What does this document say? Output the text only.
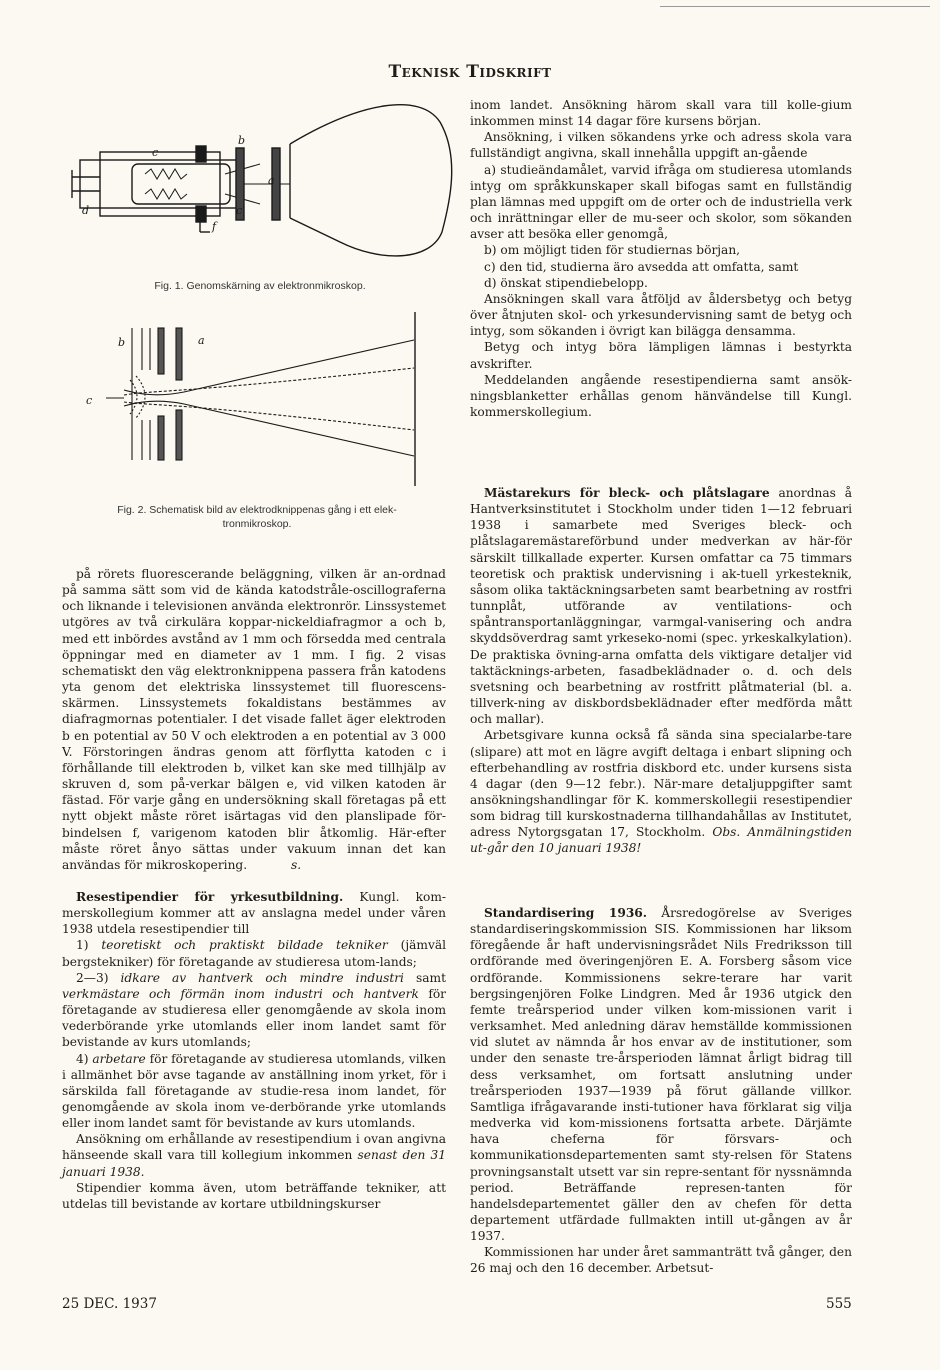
Teknisk Tidskrift
c
b
a
d	c'
f
Fig. 1. Genomskärning av elektronmikroskop.
b	a
c
Fig. 2. Schematisk bild av elektrodknippenas gång i ett elek-
tronmikroskop.

på rörets fluorescerande beläggning, vilken är an-ordnad på samma sätt som vid de kända katodstråle-oscillograferna och liknande i televisionen använda elektronrör. Linssystemet utgöres av två cirkulära koppar-nickeldiafragmor a och b, med ett inbördes avstånd av 1 mm och försedda med centrala öppningar med en diameter av 1 mm. I fig. 2 visas schematiskt den väg elektronknippena passera från katodens yta genom det elektriska linssystemet till fluorescens-skärmen. Linssystemets fokaldistans bestämmes av diafragmornas potentialer. I det visade fallet äger elektroden b en potential av 50 V och elektroden a en potential av 3 000 V. Förstoringen ändras genom att förflytta katoden c i förhållande till elektroden b, vilket kan ske med tillhjälp av skruven d, som på-verkar bälgen e, vid vilken katoden är fästad. För varje gång en undersökning skall företagas på ett nytt objekt måste röret isärtagas vid den planslipade för-bindelsen f, varigenom katoden blir åtkomlig. Här-efter måste röret ånyo sättas under vakuum innan det kan användas för mikroskopering.	s.

Resestipendier för yrkesutbildning. Kungl. kom-merskollegium kommer att av anslagna medel under våren 1938 utdela resestipendier till

1) teoretiskt och praktiskt bildade tekniker (jämväl bergstekniker) för företagande av studieresa utom-lands;

2—3) idkare av hantverk och mindre industri samt verkmästare och förmän inom industri och hantverk för företagande av studieresa eller genomgående av skola inom vederbörande yrke utomlands eller inom landet samt för bevistande av kurs utomlands;

4) arbetare för företagande av studieresa utomlands, vilken i allmänhet bör avse tagande av anställning inom yrket, för i särskilda fall företagande av studie-resa inom landet, för genomgående av skola inom ve-derbörande yrke utomlands eller inom landet samt för bevistande av kurs utomlands.

Ansökning om erhållande av resestipendium i ovan angivna hänseende skall vara till kollegium inkommen senast den 31 januari 1938.

Stipendier komma även, utom beträffande tekniker, att utdelas till bevistande av kortare utbildningskurser

inom landet. Ansökning härom skall vara till kolle-gium inkommen minst 14 dagar före kursens början.

Ansökning, i vilken sökandens yrke och adress skola vara fullständigt angivna, skall innehålla uppgift an-gående

a) studieändamålet, varvid ifråga om studieresa utomlands intyg om språkkunskaper skall bifogas samt en fullständig plan lämnas med uppgift om de orter och de industriella verk och inrättningar eller de mu-seer och skolor, som sökanden avser att besöka eller genomgå,

b) om möjligt tiden för studiernas början,

c) den tid, studierna äro avsedda att omfatta, samt

d) önskat stipendiebelopp.

Ansökningen skall vara åtföljd av åldersbetyg och betyg över åtnjuten skol- och yrkesundervisning samt de betyg och intyg, som sökanden i övrigt kan bilägga densamma.

Betyg och intyg böra lämpligen lämnas i bestyrkta avskrifter.

Meddelanden angående resestipendierna samt ansök-ningsblanketter erhållas genom hänvändelse till Kungl. kommerskollegium.

Mästarekurs för bleck- och plåtslagare anordnas å Hantverksinstitutet i Stockholm under tiden 1—12 februari 1938 i samarbete med Sveriges bleck- och plåtslagaremästareförbund under medverkan av här-för särskilt tillkallade experter. Kursen omfattar ca 75 timmars teoretisk och praktisk undervisning i ak-tuell yrkesteknik, såsom olika taktäckningsarbeten samt bearbetning av rostfri tunnplåt, utförande av ventilations- och spåntransportanläggningar, varmgal-vanisering och andra skyddsöverdrag samt yrkeseko-nomi (spec. yrkeskalkylation). De praktiska övning-arna omfatta dels viktigare detaljer vid taktäcknings-arbeten, fasadbeklädnader o. d. och dels svetsning och bearbetning av rostfritt plåtmaterial (bl. a. tillverk-ning av diskbordsbeklädnader efter medförda mått och mallar).

Arbetsgivare kunna också få sända sina specialarbe-tare (slipare) att mot en lägre avgift deltaga i enbart slipning och efterbehandling av rostfria diskbord etc. under kursens sista 4 dagar (den 9—12 febr.). När-mare detaljuppgifter samt ansökningshandlingar för K. kommerskollegii resestipendier som bidrag till kurskostnaderna tillhandahållas av Institutet, adress Nytorgsgatan 17, Stockholm. Obs. Anmälningstiden ut-går den 10 januari 1938!

Standardisering 1936. Årsredogörelse av Sveriges standardiseringskommission SIS. Kommissionen har liksom föregående år haft undervisningsrådet Nils Fredriksson till ordförande med överingenjören E. A. Forsberg såsom vice ordförande. Kommissionens sekre-terare har varit bergsingenjören Folke Lindgren. Med år 1936 utgick den femte treårsperiod under vilken kom-missionen varit i verksamhet. Med anledning därav hemställde kommissionen vid slutet av nämnda år hos envar av de institutioner, som under den senaste tre-årsperioden lämnat årligt bidrag till dess verksamhet, om fortsatt anslutning under treårsperioden 1937—1939 på förut gällande villkor. Samtliga ifrågavarande insti-tutioner hava förklarat sig vilja medverka vid kom-missionens fortsatta arbete. Därjämte hava cheferna för försvars- och kommunikationsdepartementen samt sty-relsen för Statens provningsanstalt utsett var sin repre-sentant för nyssnämnda period. Beträffande represen-tanten för handelsdepartementet gäller den av chefen för detta departement utfärdade fullmakten intill ut-gången av år 1937.

Kommissionen har under året sammanträtt två gånger, den 26 maj och den 16 december. Arbetsut-

25 DEC. 1937	555
